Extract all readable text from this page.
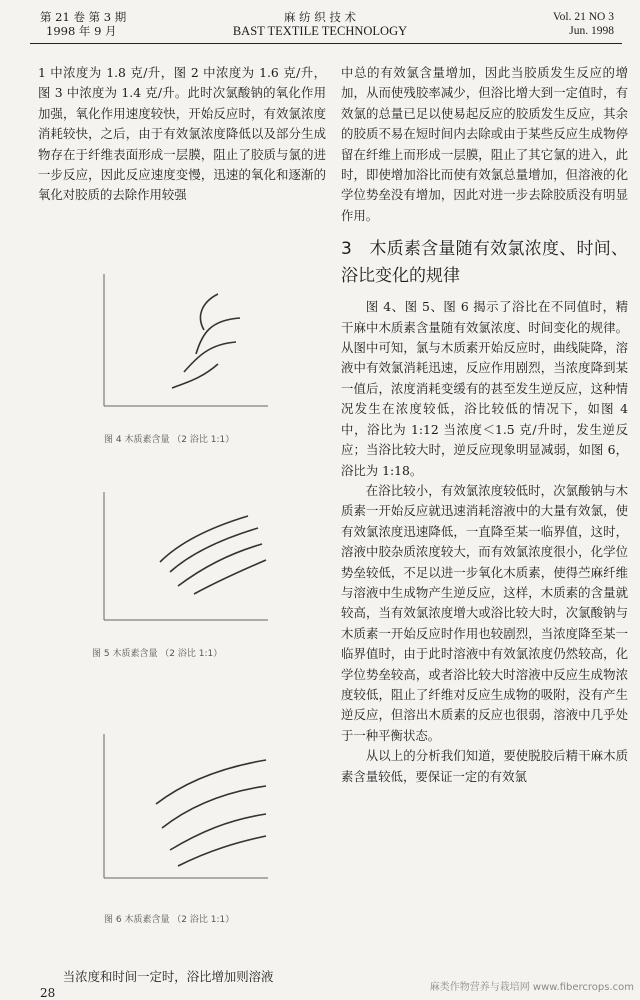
第 21 卷 第 3 期
1998 年 9 月
麻 纺 织 技 术
BAST TEXTILE TECHNOLOGY
Vol. 21 NO 3
Jun. 1998

1 中浓度为 1.8 克/升，图 2 中浓度为 1.6 克/升，图 3 中浓度为 1.4 克/升。此时次氯酸钠的氧化作用加强，氧化作用速度较快，开始反应时，有效氯浓度消耗较快，之后，由于有效氯浓度降低以及部分生成物存在于纤维表面形成一层膜，阻止了胶质与氯的进一步反应，因此反应速度变慢，迅速的氧化和逐渐的氧化对胶质的去除作用较强

图 4 木质素含量 （2 浴比 1:1）
图 5 木质素含量 （2 浴比 1:1）
图 6 木质素含量 （2 浴比 1:1）

当浓度和时间一定时，浴比增加则溶液

中总的有效氯含量增加，因此当胶质发生反应的增加，从而使残胶率减少，但浴比增大到一定值时，有效氯的总量已足以使易起反应的胶质发生反应，其余的胶质不易在短时间内去除或由于某些反应生成物停留在纤维上而形成一层膜，阻止了其它氯的进入，此时，即使增加浴比而使有效氯总量增加，但溶液的化学位势垒没有增加，因此对进一步去除胶质没有明显作用。

3　木质素含量随有效氯浓度、时间、浴比变化的规律

图 4、图 5、图 6 揭示了浴比在不同值时，精干麻中木质素含量随有效氯浓度、时间变化的规律。从图中可知，氯与木质素开始反应时，曲线陡降，溶液中有效氯消耗迅速，反应作用剧烈，当浓度降到某一值后，浓度消耗变缓有的甚至发生逆反应，这种情况发生在浓度较低，浴比较低的情况下，如图 4 中，浴比为 1:12 当浓度＜1.5 克/升时，发生逆反应；当浴比较大时，逆反应现象明显减弱，如图 6，浴比为 1:18。

在浴比较小，有效氯浓度较低时，次氯酸钠与木质素一开始反应就迅速消耗溶液中的大量有效氯，使有效氯浓度迅速降低，一直降至某一临界值，这时，溶液中胶杂质浓度较大，而有效氯浓度很小，化学位势垒较低，不足以进一步氧化木质素，使得苎麻纤维与溶液中生成物产生逆反应，这样，木质素的含量就较高，当有效氯浓度增大或浴比较大时，次氯酸钠与木质素一开始反应时作用也较剧烈，当浓度降至某一临界值时，由于此时溶液中有效氯浓度仍然较高，化学位势垒较高，或者浴比较大时溶液中反应生成物浓度较低，阻止了纤维对反应生成物的吸附，没有产生逆反应，但溶出木质素的反应也很弱，溶液中几乎处于一种平衡状态。

从以上的分析我们知道，要使脱胶后精干麻木质素含量较低，要保证一定的有效氯

28	麻类作物营养与栽培网 www.fibercrops.com
